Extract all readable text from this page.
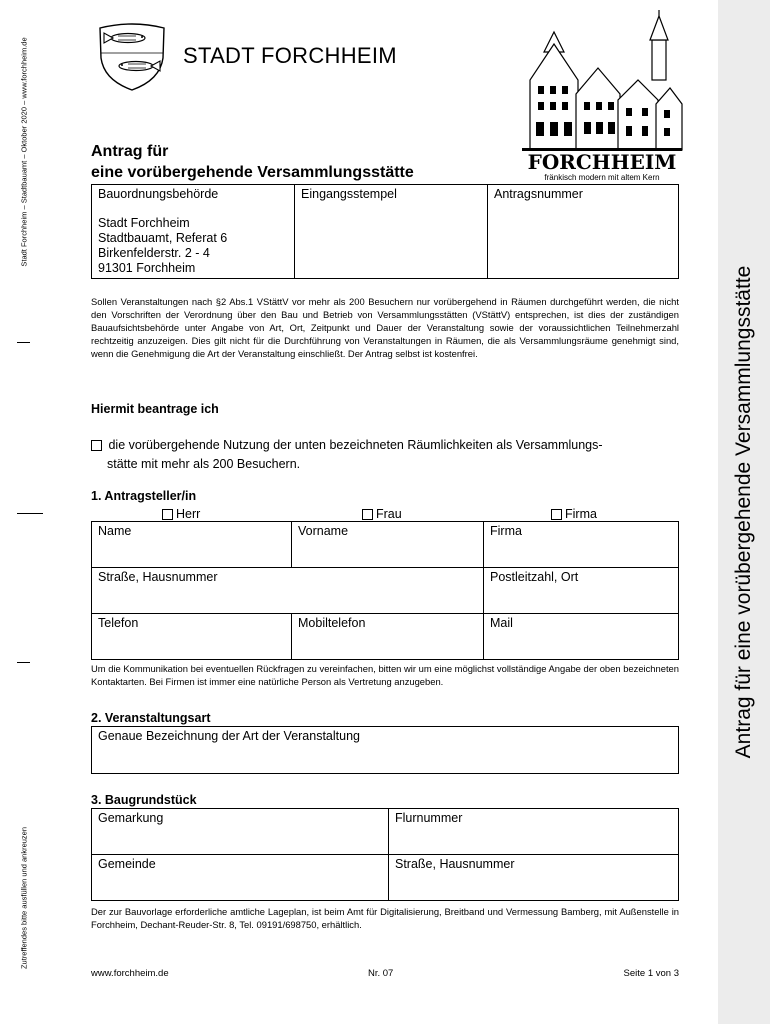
Antrag für eine vorübergehende Versammlungsstätte
Stadt Forchheim – Stadtbauamt – Oktober 2020 – www.forchheim.de
Zutreffendes bitte ausfüllen und ankreuzen
STADT FORCHHEIM
FORCHHEIM
fränkisch modern mit altem Kern
Antrag für
eine vorübergehende Versammlungsstätte
Bauordnungsbehörde
Stadt Forchheim
Stadtbauamt, Referat 6
Birkenfelderstr. 2 - 4
91301 Forchheim

Eingangsstempel	Antragsnummer
Sollen Veranstaltungen nach §2 Abs.1 VStättV vor mehr als 200 Besuchern nur vorübergehend in Räumen durchgeführt werden, die nicht den Vorschriften der Verordnung über den Bau und Betrieb von Versammlungsstätten (VStättV) entsprechen, ist dies der zuständigen Bauaufsichtsbehörde unter Angabe von Art, Ort, Zeitpunkt und Dauer der Veranstaltung sowie der voraussichtlichen Teilnehmerzahl rechtzeitig anzuzeigen. Dies gilt nicht für die Durchführung von Veranstaltungen in Räumen, die als Versammlungsräume genehmigt sind, wenn die Genehmigung die Art der Veranstaltung einschließt. Der Antrag selbst ist kostenfrei.
Hiermit beantrage ich
die vorübergehende Nutzung der unten bezeichneten Räumlichkeiten als Versammlungs-
stätte mit mehr als 200 Besuchern.
1. Antragsteller/in
Herr	Frau	Firma
Name	Vorname	Firma
Straße, Hausnummer		Postleitzahl, Ort
Telefon	Mobiltelefon	Mail
Um die Kommunikation bei eventuellen Rückfragen zu vereinfachen, bitten wir um eine möglichst vollständige Angabe der oben bezeichneten Kontaktarten. Bei Firmen ist immer eine natürliche Person als Vertretung anzugeben.
2. Veranstaltungsart
Genaue Bezeichnung der Art der Veranstaltung
3. Baugrundstück
Gemarkung	Flurnummer
Gemeinde	Straße, Hausnummer
Der zur Bauvorlage erforderliche amtliche Lageplan, ist beim Amt für Digitalisierung, Breitband und Vermessung Bamberg, mit Außenstelle in Forchheim, Dechant-Reuder-Str. 8, Tel. 09191/698750, erhältlich.
www.forchheim.de	Nr. 07	Seite 1 von 3
